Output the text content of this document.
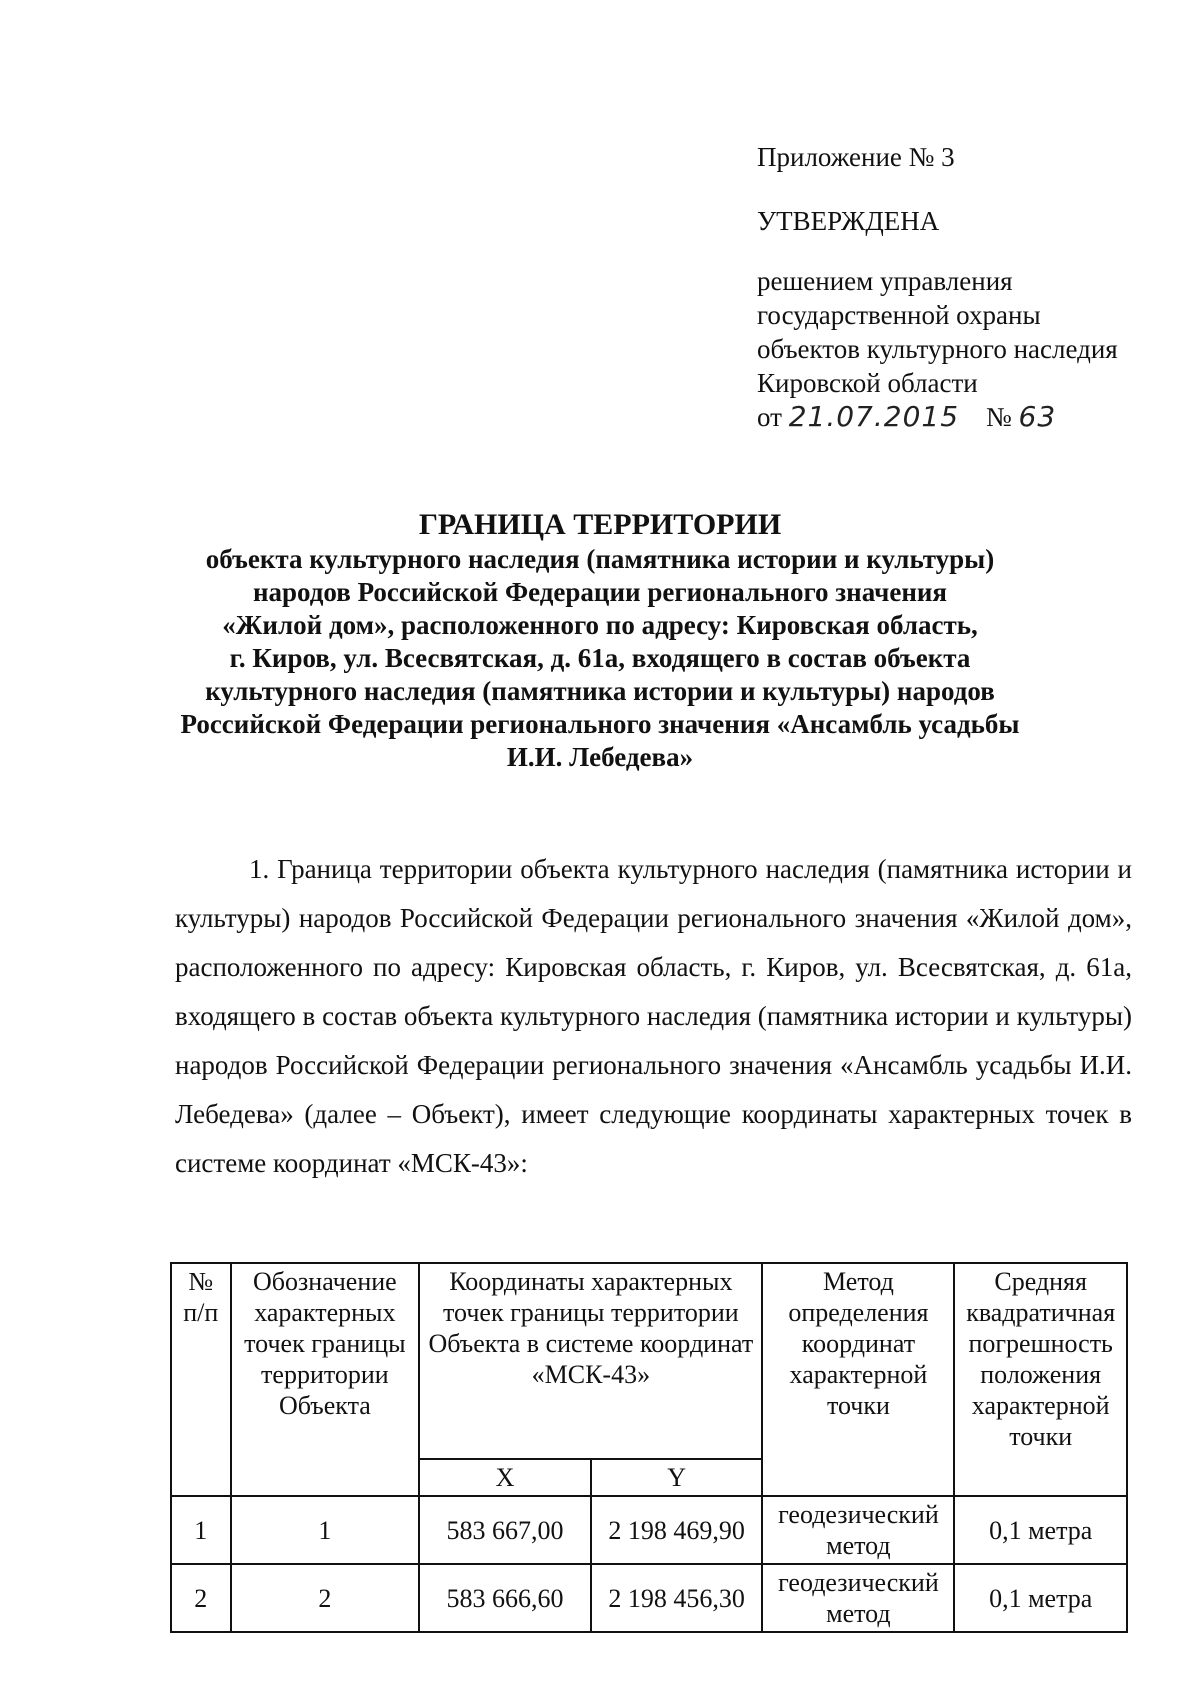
Приложение № 3
УТВЕРЖДЕНА
решением управления
государственной охраны
объектов культурного наследия
Кировской области
от 21.07.2015 № 63
ГРАНИЦА ТЕРРИТОРИИ
объекта культурного наследия (памятника истории и культуры)
народов Российской Федерации регионального значения
«Жилой дом», расположенного по адресу: Кировская область,
г. Киров, ул. Всесвятская, д. 61а, входящего в состав объекта
культурного наследия (памятника истории и культуры) народов
Российской Федерации регионального значения «Ансамбль усадьбы
И.И. Лебедева»

1. Граница территории объекта культурного наследия (памятника истории и культуры) народов Российской Федерации регионального значения «Жилой дом», расположенного по адресу: Кировская область, г. Киров, ул. Всесвятская, д. 61а, входящего в состав объекта культурного наследия (памятника истории и культуры) народов Российской Федерации регионального значения «Ансамбль усадьбы И.И. Лебедева» (далее – Объект), имеет следующие координаты характерных точек в системе координат «МСК-43»:

№ п/п	Обозначение характерных точек границы территории Объекта	Координаты характерных точек границы территории Объекта в системе координат «МСК-43»		Метод определения координат характерной точки	Средняя квадратичная погрешность положения характерной точки
		X	Y		
1	1	583 667,00	2 198 469,90	геодезический метод	0,1 метра
2	2	583 666,60	2 198 456,30	геодезический метод	0,1 метра
